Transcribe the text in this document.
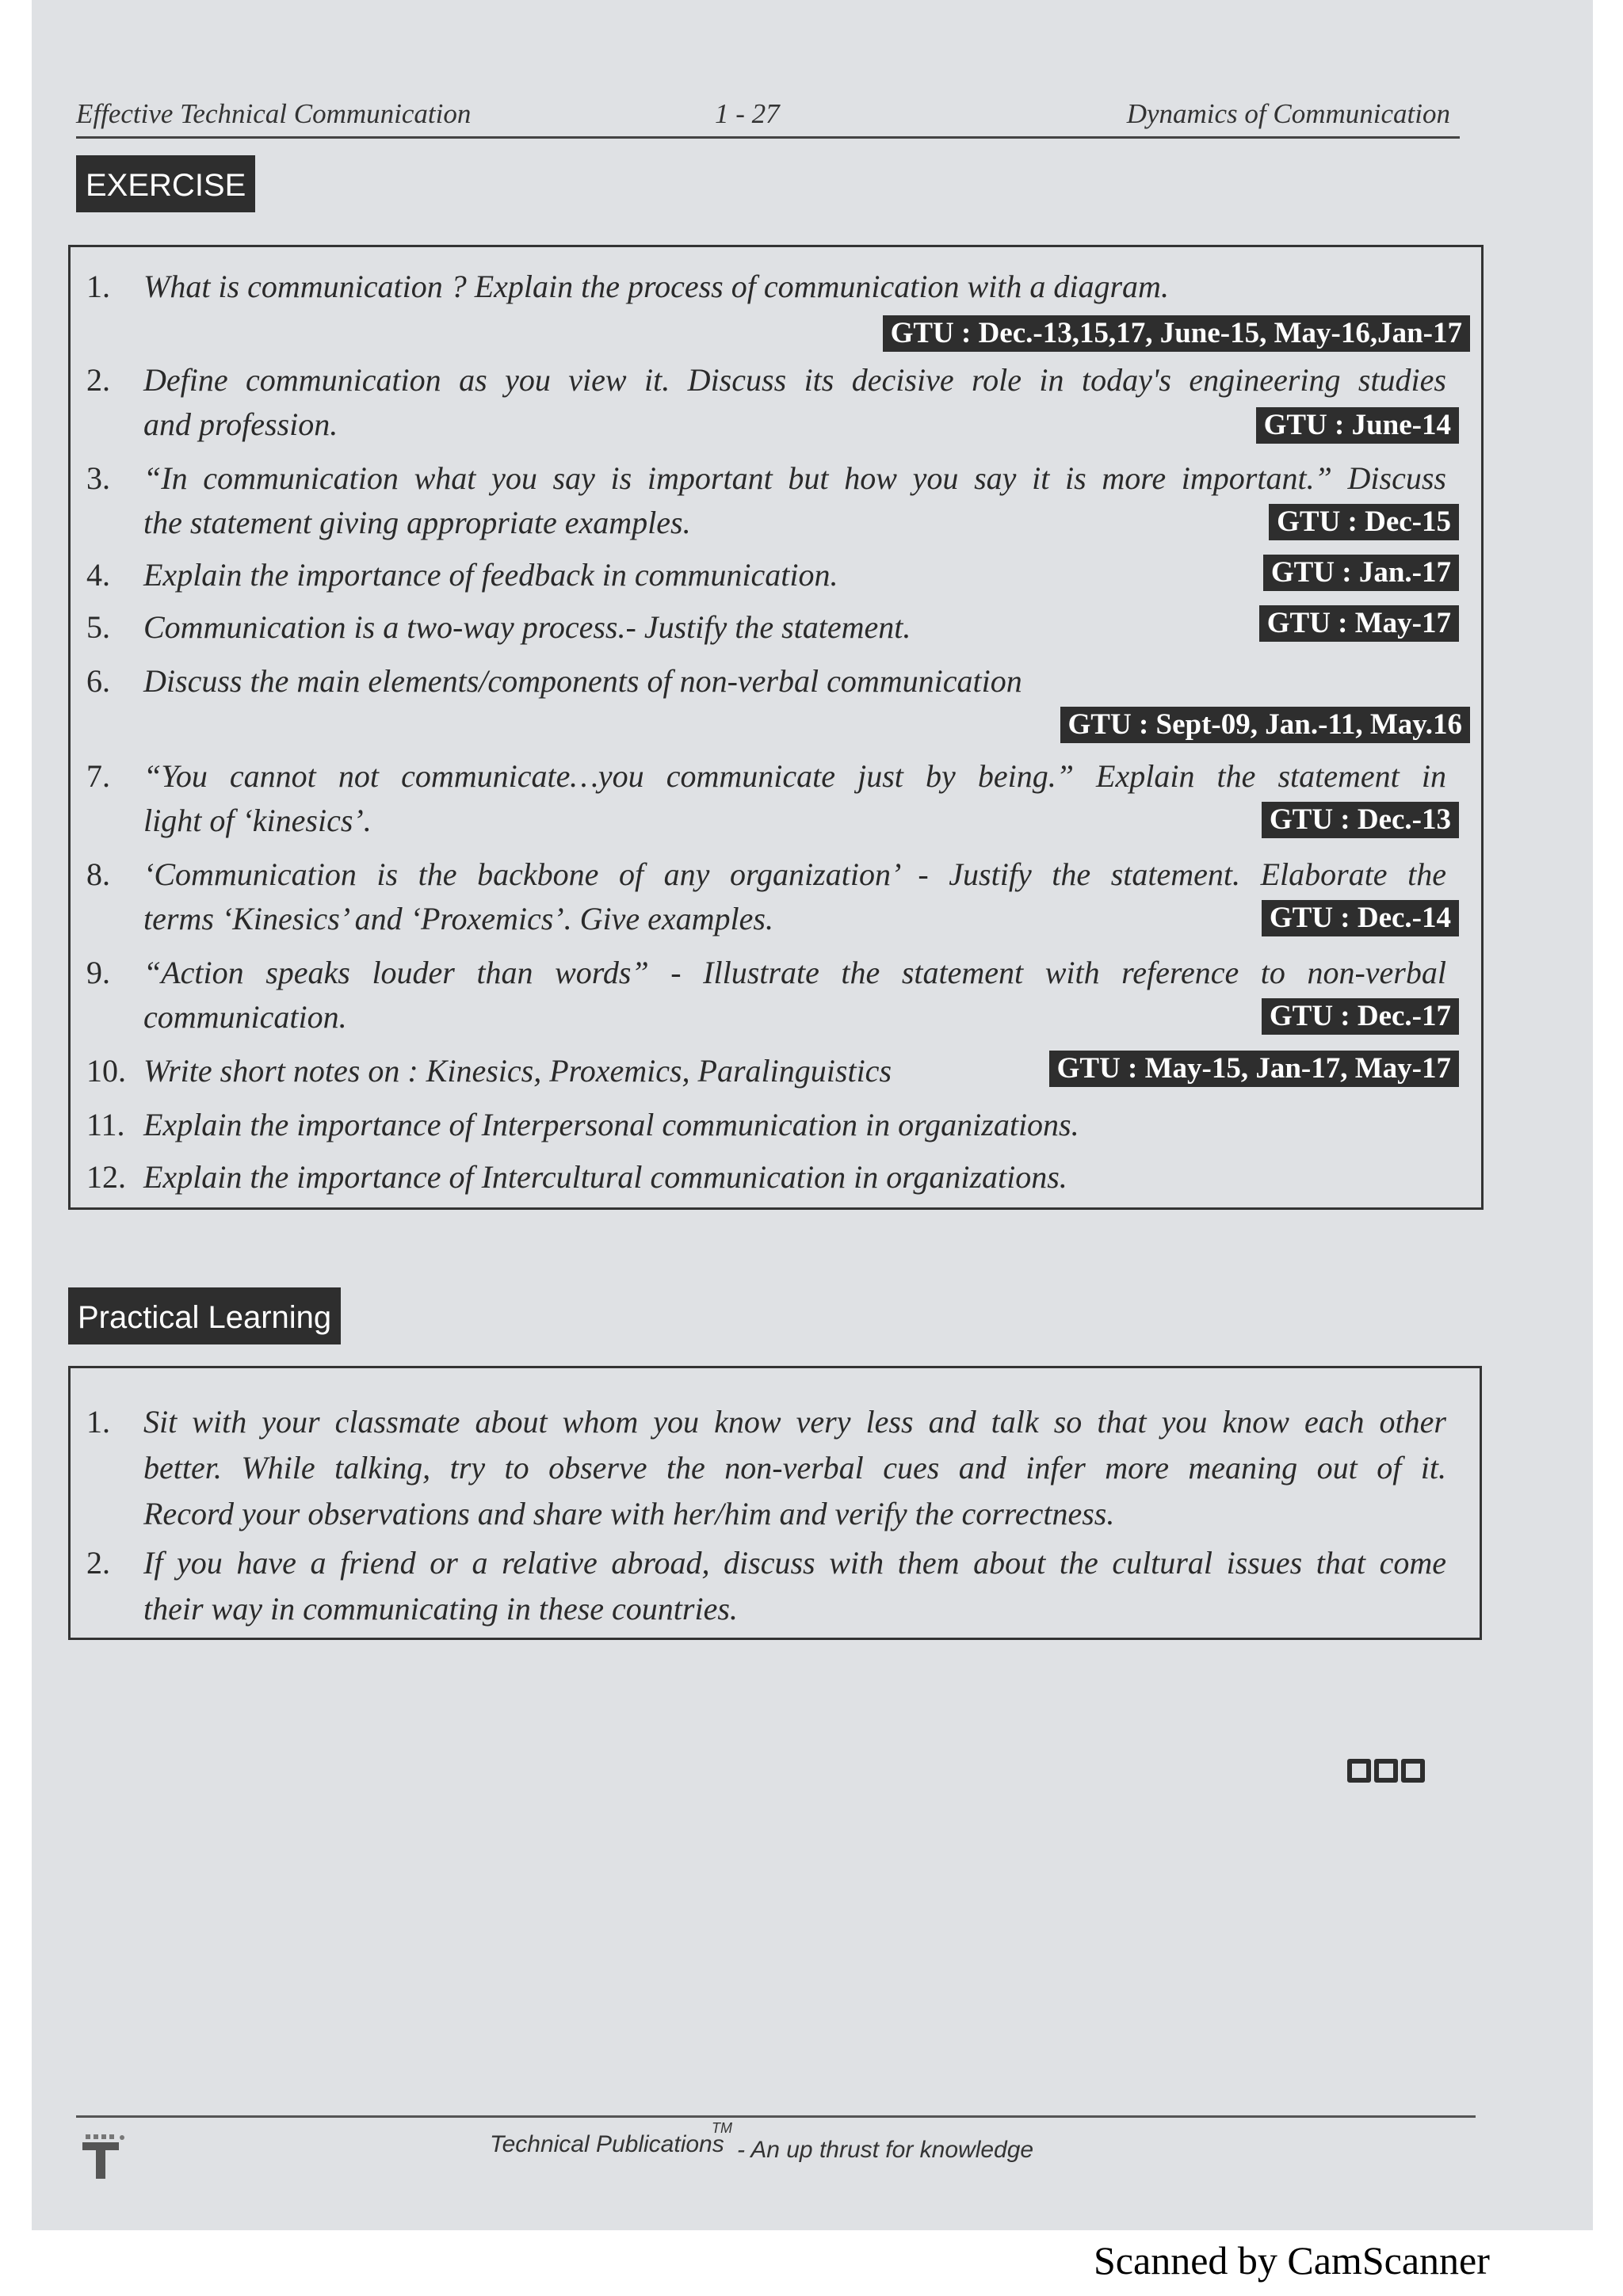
Effective Technical Communication	1 - 27	Dynamics of Communication
EXERCISE
1.	What is communication ? Explain the process of communication with a diagram.
GTU : Dec.-13,15,17, June-15, May-16,Jan-17
2.	Define communication as you view it. Discuss its decisive role in today's engineering studies
and profession.	GTU : June-14
3.	“In communication what you say is important but how you say it is more important.” Discuss
the statement giving appropriate examples.	GTU : Dec-15
4.	Explain the importance of feedback in communication.	GTU : Jan.-17
5.	Communication is a two-way process.- Justify the statement.	GTU : May-17
6.	Discuss the main elements/components of non-verbal communication
GTU : Sept-09, Jan.-11, May.16
7.	“You cannot not communicate…you communicate just by being.” Explain the statement in
light of ‘kinesics’.	GTU : Dec.-13
8.	‘Communication is the backbone of any organization’ - Justify the statement. Elaborate the
terms ‘Kinesics’ and ‘Proxemics’. Give examples.	GTU : Dec.-14
9.	“Action speaks louder than words” - Illustrate the statement with reference to non-verbal
communication.	GTU : Dec.-17
10. Write short notes on : Kinesics, Proxemics, Paralinguistics	GTU : May-15, Jan-17, May-17
11. Explain the importance of Interpersonal communication in organizations.
12. Explain the importance of Intercultural communication in organizations.
Practical Learning
1.	Sit with your classmate about whom you know very less and talk so that you know each other
better. While talking, try to observe the non-verbal cues and infer more meaning out of it.
Record your observations and share with her/him and verify the correctness.
2.	If you have a friend or a relative abroad, discuss with them about the cultural issues that come
their way in communicating in these countries.
Technical Publications
TM
- An up thrust for knowledge
Scanned by CamScanner
